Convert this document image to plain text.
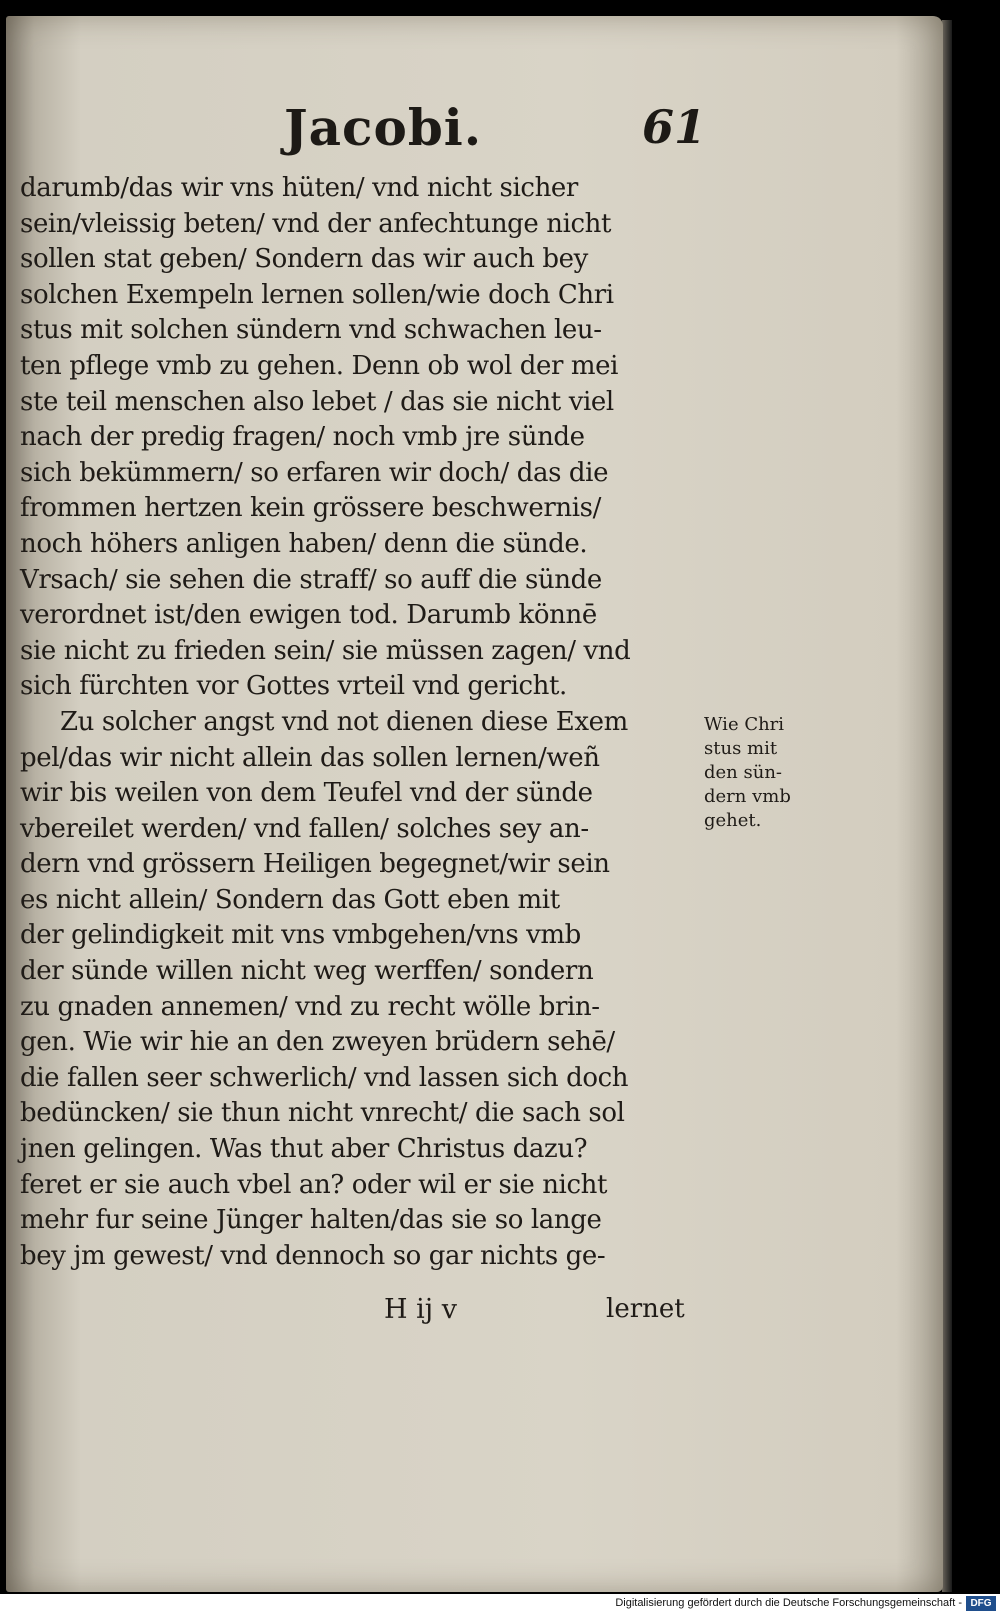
Jacobi.	61
darumb/das wir vns hüten/ vnd nicht sicher
sein/vleissig beten/ vnd der anfechtunge nicht
sollen stat geben/ Sondern das wir auch bey
solchen Exempeln lernen sollen/wie doch Chri
stus mit solchen sündern vnd schwachen leu-
ten pflege vmb zu gehen. Denn ob wol der mei
ste teil menschen also lebet / das sie nicht viel
nach der predig fragen/ noch vmb jre sünde
sich bekümmern/ so erfaren wir doch/ das die
frommen hertzen kein grössere beschwernis/
noch höhers anligen haben/ denn die sünde.
Vrsach/ sie sehen die straff/ so auff die sünde
verordnet ist/den ewigen tod. Darumb könnē
sie nicht zu frieden sein/ sie müssen zagen/ vnd
sich fürchten vor Gottes vrteil vnd gericht.
Zu solcher angst vnd not dienen diese Exem
pel/das wir nicht allein das sollen lernen/weñ
wir bis weilen von dem Teufel vnd der sünde
vbereilet werden/ vnd fallen/ solches sey an-
dern vnd grössern Heiligen begegnet/wir sein
es nicht allein/ Sondern das Gott eben mit
der gelindigkeit mit vns vmbgehen/vns vmb
der sünde willen nicht weg werffen/ sondern
zu gnaden annemen/ vnd zu recht wölle brin-
gen. Wie wir hie an den zweyen brüdern sehē/
die fallen seer schwerlich/ vnd lassen sich doch
bedüncken/ sie thun nicht vnrecht/ die sach sol
jnen gelingen. Was thut aber Christus dazu?
feret er sie auch vbel an? oder wil er sie nicht
mehr fur seine Jünger halten/das sie so lange
bey jm gewest/ vnd dennoch so gar nichts ge-
Wie Chri
stus mit
den sün-
dern vmb
gehet.
H ij v	lernet
Digitalisierung gefördert durch die Deutsche Forschungsgemeinschaft - DFG
